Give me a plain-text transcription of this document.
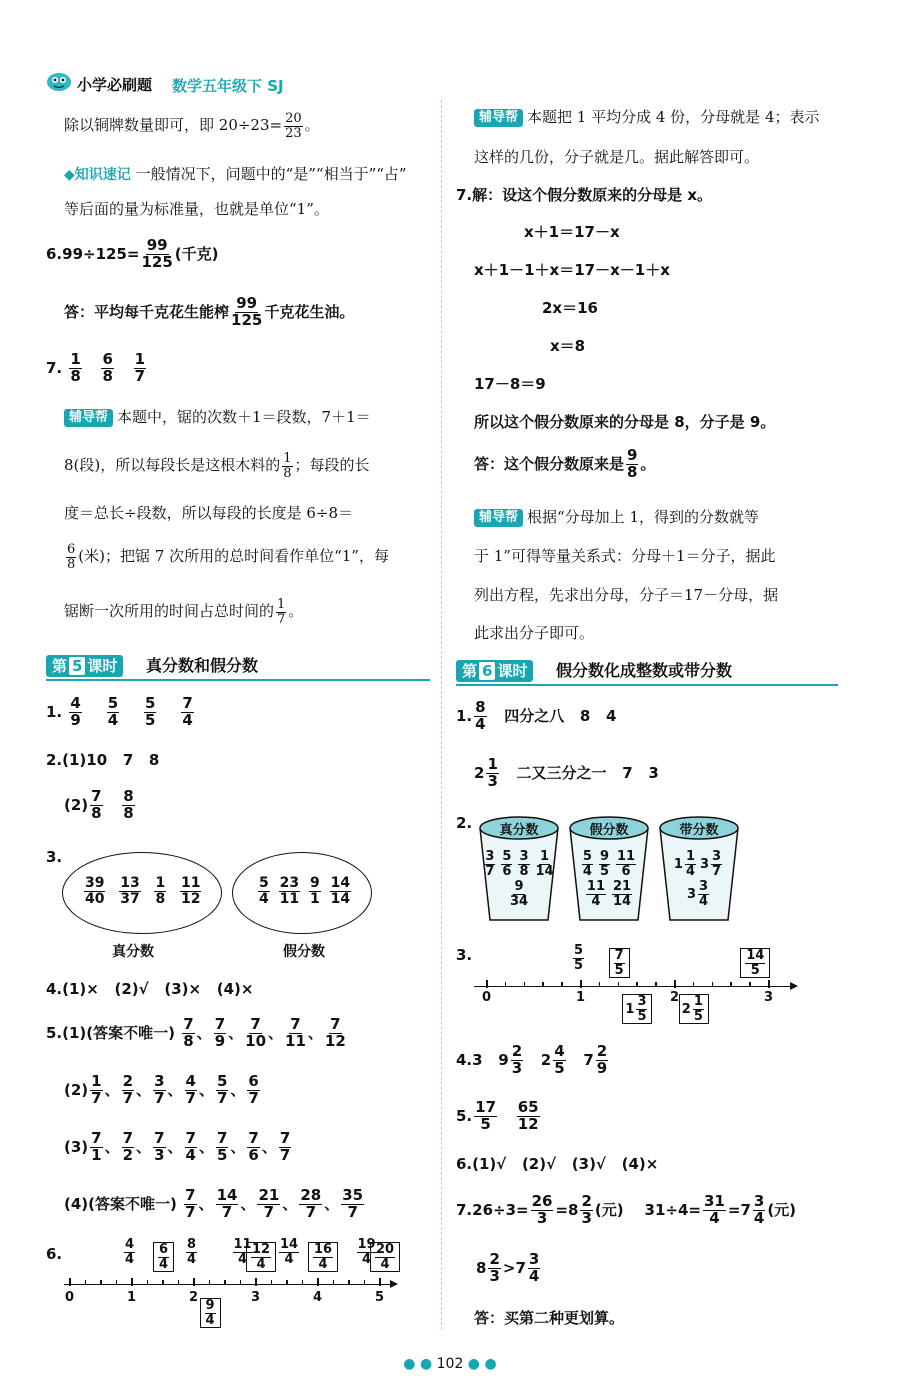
小学必刷题 数学五年级下 SJ
除以铜牌数量即可，即 $20\div 23= \frac{20}{23}$ 。
◆知识速记 一般情况下，问题中的“是”“相当于”“占”
等后面的量为标准量，也就是单位“1”。
$6.99\div 125= \frac{99}{125}$ (千克)
答：平均每千克花生能榨 $\frac{99}{125}$ 千克花生油。
7. $\frac{1}{8}$
$\frac{6}{8}$
$\frac{1}{7}$
辅导帮 本题中，锯的次数＋1＝段数，7＋1＝
8(段)，所以每段长是这根木料的 $\frac{1}{8}$ ；每段的长
度＝总长÷段数，所以每段的长度是 6÷8＝
$\frac{6}{8}$ (米)；把锯 7 次所用的总时间看作单位“1”，每
锯断一次所用的时间占总时间的 $\frac{1}{7}$ 。
第 5 课时	真分数和假分数
1. $\frac{4}{9}$
$\frac{5}{4}$
$\frac{5}{5}$
$\frac{7}{4}$
2.(1)10   7   8
$(2) \frac{7}{8}$
$\frac{8}{8}$
3.
$\frac{39}{40}$
$\frac{13}{37}$
$\frac{1}{8}$
$\frac{11}{12}$	$\frac{5}{4}$
$\frac{23}{11}$
$\frac{9}{1}$
$\frac{14}{14}$
真分数	假分数
4.(1)×   (2)√   (3)×   (4)×
5.(1)(答案不唯一) $\frac{7}{8}$ 、 $\frac{7}{9}$ 、 $\frac{7}{10}$ 、 $\frac{7}{11}$ 、 $\frac{7}{12}$
$(2) \frac{1}{7}$ 、 $\frac{2}{7}$ 、 $\frac{3}{7}$ 、 $\frac{4}{7}$ 、 $\frac{5}{7}$ 、 $\frac{6}{7}$
$(3) \frac{7}{1}$ 、 $\frac{7}{2}$ 、 $\frac{7}{3}$ 、 $\frac{7}{4}$ 、 $\frac{7}{5}$ 、 $\frac{7}{6}$ 、 $\frac{7}{7}$
(4)(答案不唯一) $\frac{7}{7}$ 、 $\frac{14}{7}$ 、 $\frac{21}{7}$ 、 $\frac{28}{7}$ 、 $\frac{35}{7}$
6.
0	1	2	3	4	5
$\frac{4}{4} 6$
$4 \frac{8}{4}$	$\frac{11}{4} 12$
$4 \frac{14}{4} 16$
$4 \frac{19}{4} 20$
4
9
4
辅导帮 本题把 1 平均分成 4 份，分母就是 4；表示
这样的几份，分子就是几。据此解答即可。
7.解：设这个假分数原来的分母是 x。
x＋1＝17－x
x＋1－1＋x＝17－x－1＋x
2x＝16
x＝8
17－8＝9
所以这个假分数原来的分母是 8，分子是 9。
答：这个假分数原来是 $\frac{9}{8}$ 。
辅导帮 根据“分母加上 1，得到的分数就等
于 1”可得等量关系式：分母＋1＝分子，据此
列出方程，先求出分母，分子＝17－分母，据
此求出分子即可。
第 6 课时	假分数化成整数或带分数
1. $\frac{8}{4}$ 四分之八   8   4
$2 \frac{1}{3}$ 二又三分之一   7   3
2.	真分数
3
7
5
6
3
8
1
14
9
34
假分数
5
4
9
5
11
6
11
4
21
14
带分数
1
1
4 3
3
7
3
3
4
3.
0	1	2	3
$\frac{5}{5} 7$
5
14
5
1
3
5	2
1
5
4.3 $9 \frac{2}{3} 2 \frac{4}{5} 7 \frac{2}{9}$
5. $\frac{17}{5}$
$\frac{65}{12}$
6.(1)√   (2)√   (3)√   (4)×
$7.26\div 3= \frac{26}{3} =8 \frac{2}{3}$ (元) $31\div 4= \frac{31}{4} =7 \frac{3}{4}$ (元)
$8 \frac{2}{3} >7 \frac{3}{4}$
答：买第二种更划算。
● ● 102 ● ●
